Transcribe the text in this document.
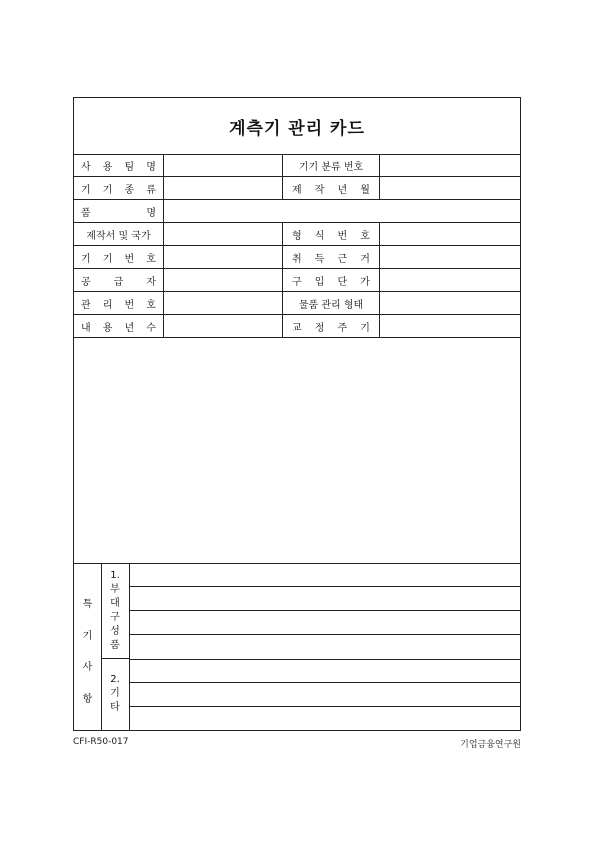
계측기 관리 카드
사 용 팀 명	기기 분류 번호
기 기 종 류	제 작 년 월
품	명
제작서 및 국가	형 식 번 호
기 기 번 호	취 득 근 거
공 급 자	구 입 단 가
관 리 번 호	물품 관리 형태
내 용 년 수	교 정 주 기
특
기
사
항
1.
부
대
구
성
품
2.
기
타
CFI-R50-017	기업금융연구원
